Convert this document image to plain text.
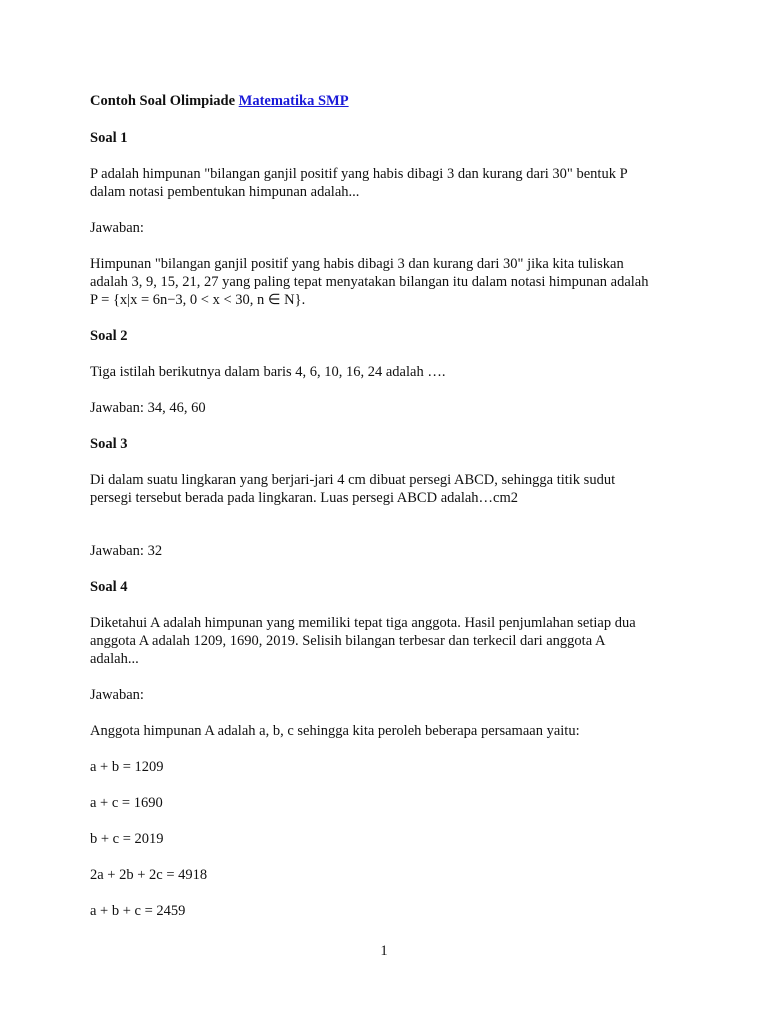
Contoh Soal Olimpiade Matematika SMP

Soal 1

P adalah himpunan "bilangan ganjil positif yang habis dibagi 3 dan kurang dari 30" bentuk P

dalam notasi pembentukan himpunan adalah...

Jawaban:

Himpunan "bilangan ganjil positif yang habis dibagi 3 dan kurang dari 30" jika kita tuliskan

adalah 3, 9, 15, 21, 27 yang paling tepat menyatakan bilangan itu dalam notasi himpunan adalah

P = {x|x = 6n−3, 0 < x < 30, n ∈ N}.

Soal 2

Tiga istilah berikutnya dalam baris 4, 6, 10, 16, 24 adalah ….

Jawaban: 34, 46, 60

Soal 3

Di dalam suatu lingkaran yang berjari-jari 4 cm dibuat persegi ABCD, sehingga titik sudut

persegi tersebut berada pada lingkaran. Luas persegi ABCD adalah…cm2

Jawaban: 32

Soal 4

Diketahui A adalah himpunan yang memiliki tepat tiga anggota. Hasil penjumlahan setiap dua

anggota A adalah 1209, 1690, 2019. Selisih bilangan terbesar dan terkecil dari anggota A

adalah...

Jawaban:

Anggota himpunan A adalah a, b, c sehingga kita peroleh beberapa persamaan yaitu:

a + b = 1209

a + c = 1690

b + c = 2019

2a + 2b + 2c = 4918

a + b + c = 2459

1
